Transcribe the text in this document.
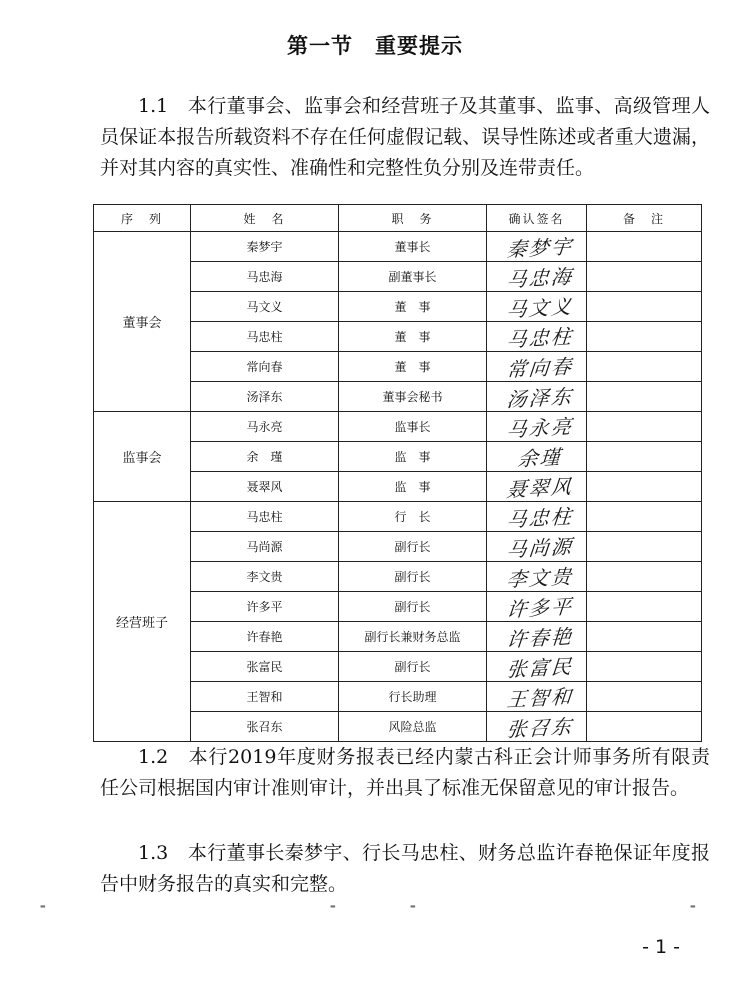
第一节　重要提示
1.1　本行董事会、监事会和经营班子及其董事、监事、高级管理人员保证本报告所载资料不存在任何虚假记载、误导性陈述或者重大遗漏，并对其内容的真实性、准确性和完整性负分别及连带责任。
序　列	姓　名	职　务	确认签名	备　注
董事会	秦梦宇	董事长	秦梦宇	
	马忠海	副董事长	马忠海	
	马文义	董　事	马文义	
	马忠柱	董　事	马忠柱	
	常向春	董　事	常向春	
	汤泽东	董事会秘书	汤泽东	
监事会	马永亮	监事长	马永亮	
	余　瑾	监　事	余瑾	
	聂翠风	监　事	聂翠风	
经营班子	马忠柱	行　长	马忠柱	
	马尚源	副行长	马尚源	
	李文贵	副行长	李文贵	
	许多平	副行长	许多平	
	许春艳	副行长兼财务总监	许春艳	
	张富民	副行长	张富民	
	王智和	行长助理	王智和	
	张召东	风险总监	张召东	
1.2　本行2019年度财务报表已经内蒙古科正会计师事务所有限责任公司根据国内审计准则审计，并出具了标准无保留意见的审计报告。
1.3　本行董事长秦梦宇、行长马忠柱、财务总监许春艳保证年度报告中财务报告的真实和完整。
▬	▬	▬	▬
- 1 -
